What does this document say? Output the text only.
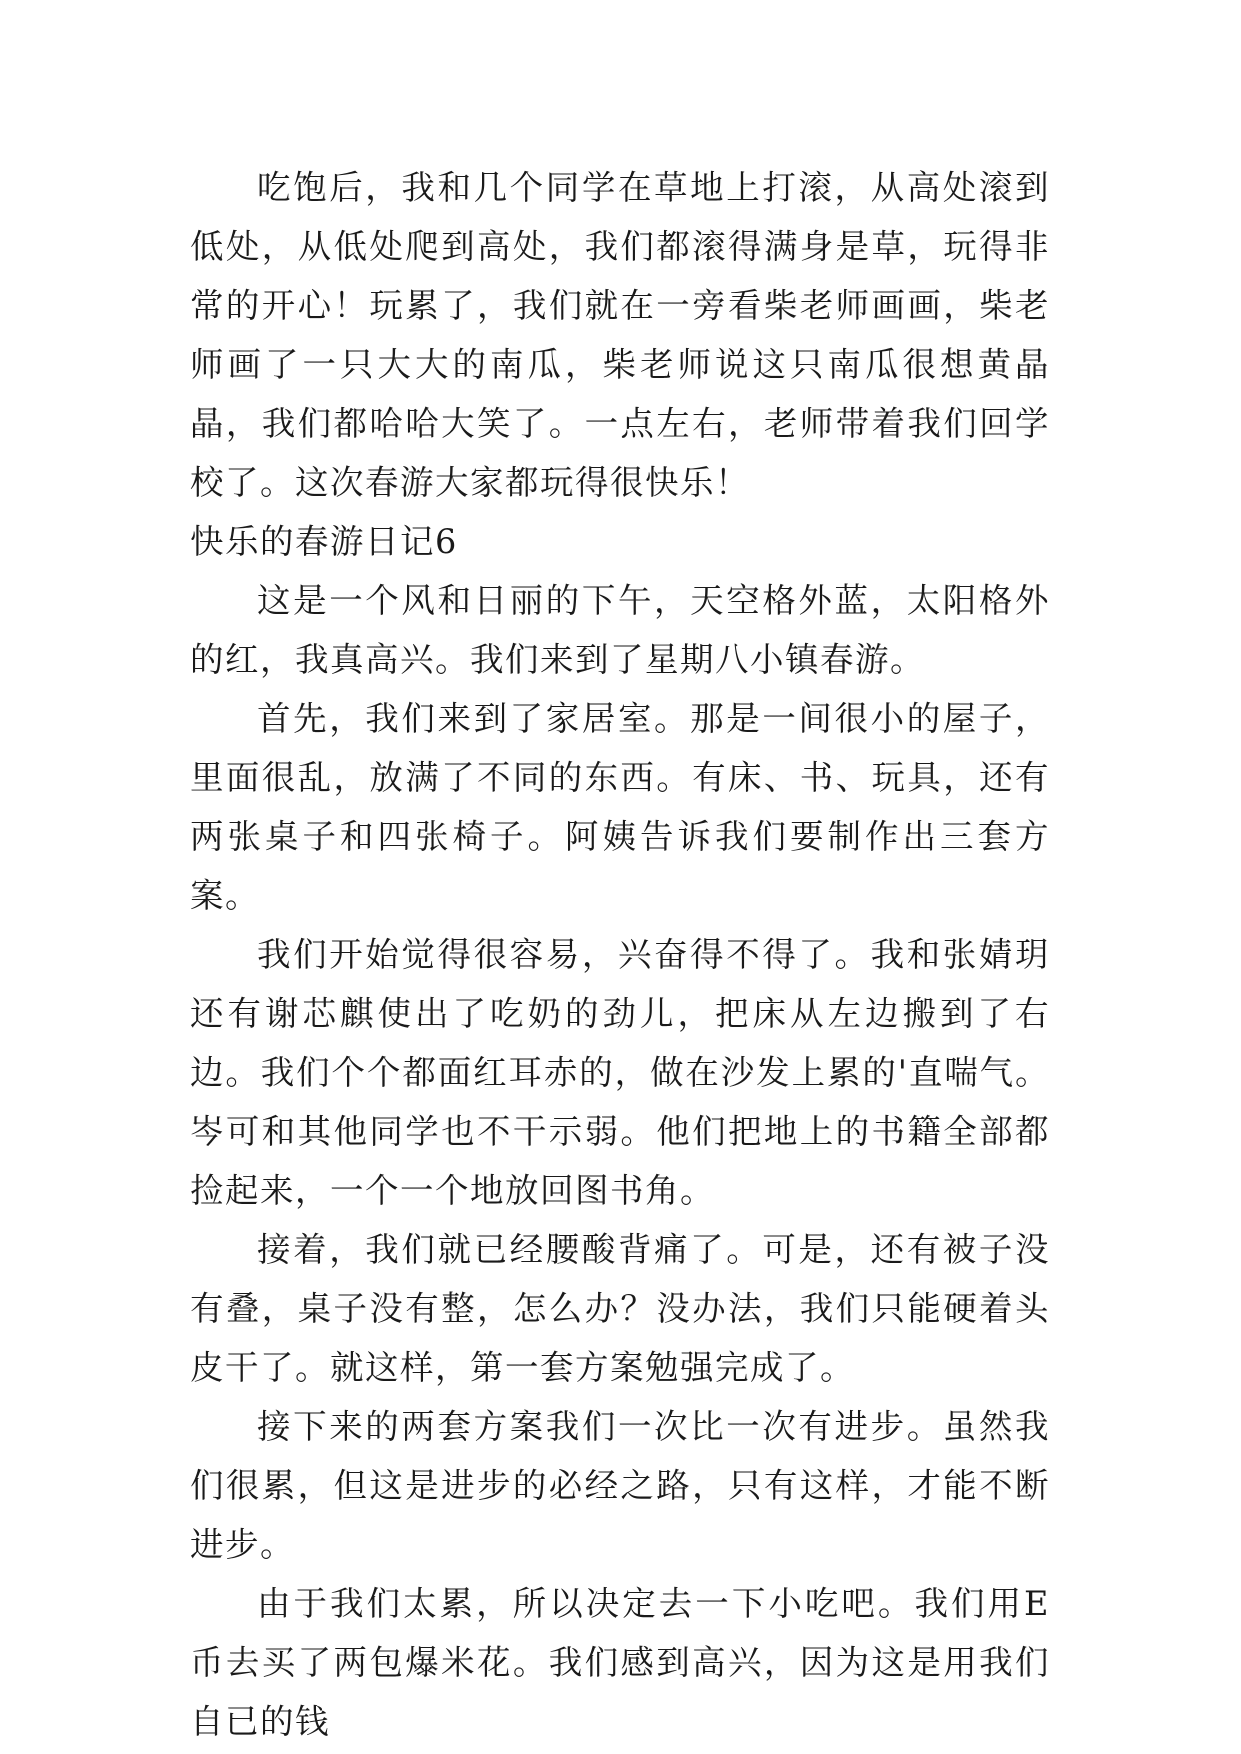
吃饱后，我和几个同学在草地上打滚，从高处滚到低处，从低处爬到高处，我们都滚得满身是草，玩得非常的开心！玩累了，我们就在一旁看柴老师画画，柴老师画了一只大大的南瓜，柴老师说这只南瓜很想黄晶晶，我们都哈哈大笑了。一点左右，老师带着我们回学校了。这次春游大家都玩得很快乐！

快乐的春游日记6

这是一个风和日丽的下午，天空格外蓝，太阳格外的红，我真高兴。我们来到了星期八小镇春游。

首先，我们来到了家居室。那是一间很小的屋子，里面很乱，放满了不同的东西。有床、书、玩具，还有两张桌子和四张椅子。阿姨告诉我们要制作出三套方案。

我们开始觉得很容易，兴奋得不得了。我和张婧玥还有谢芯麒使出了吃奶的劲儿，把床从左边搬到了右边。我们个个都面红耳赤的，做在沙发上累的'直喘气。岑可和其他同学也不干示弱。他们把地上的书籍全部都捡起来，一个一个地放回图书角。

接着，我们就已经腰酸背痛了。可是，还有被子没有叠，桌子没有整，怎么办？没办法，我们只能硬着头皮干了。就这样，第一套方案勉强完成了。

接下来的两套方案我们一次比一次有进步。虽然我们很累，但这是进步的必经之路，只有这样，才能不断进步。

由于我们太累，所以决定去一下小吃吧。我们用E币去买了两包爆米花。我们感到高兴，因为这是用我们自已的钱
